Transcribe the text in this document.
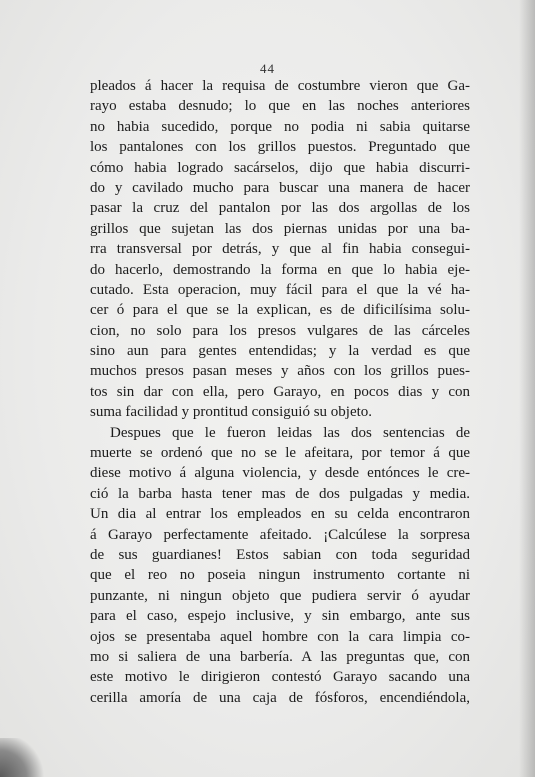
44
pleados á hacer la requisa de costumbre vieron que Ga-
rayo estaba desnudo; lo que en las noches anteriores
no habia sucedido, porque no podia ni sabia quitarse
los pantalones con los grillos puestos. Preguntado que
cómo habia logrado sacárselos, dijo que habia discurri-
do y cavilado mucho para buscar una manera de hacer
pasar la cruz del pantalon por las dos argollas de los
grillos que sujetan las dos piernas unidas por una ba-
rra transversal por detrás, y que al fin habia consegui-
do hacerlo, demostrando la forma en que lo habia eje-
cutado. Esta operacion, muy fácil para el que la vé ha-
cer ó para el que se la explican, es de dificilísima solu-
cion, no solo para los presos vulgares de las cárceles
sino aun para gentes entendidas; y la verdad es que
muchos presos pasan meses y años con los grillos pues-
tos sin dar con ella, pero Garayo, en pocos dias y con
suma facilidad y prontitud consiguió su objeto.
Despues que le fueron leidas las dos sentencias de
muerte se ordenó que no se le afeitara, por temor á que
diese motivo á alguna violencia, y desde entónces le cre-
ció la barba hasta tener mas de dos pulgadas y media.
Un dia al entrar los empleados en su celda encontraron
á Garayo perfectamente afeitado. ¡Calcúlese la sorpresa
de sus guardianes! Estos sabian con toda seguridad
que el reo no poseia ningun instrumento cortante ni
punzante, ni ningun objeto que pudiera servir ó ayudar
para el caso, espejo inclusive, y sin embargo, ante sus
ojos se presentaba aquel hombre con la cara limpia co-
mo si saliera de una barbería. A las preguntas que, con
este motivo le dirigieron contestó Garayo sacando una
cerilla amoría de una caja de fósforos, encendiéndola,
